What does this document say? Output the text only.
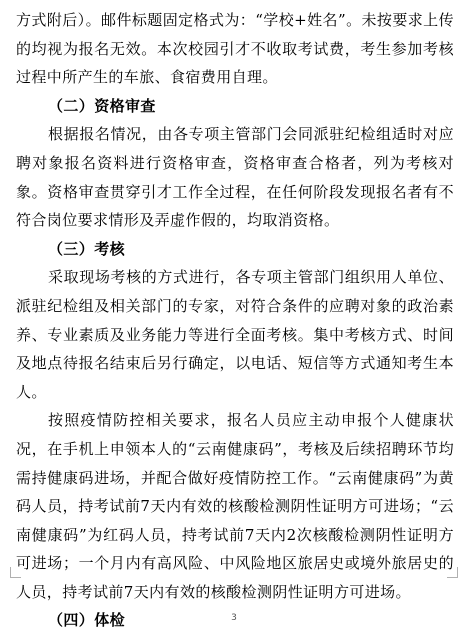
方式附后）。邮件标题固定格式为：“学校+姓名”。未按要求上传的均视为报名无效。本次校园引才不收取考试费，考生参加考核过程中所产生的车旅、食宿费用自理。

（二）资格审查

根据报名情况，由各专项主管部门会同派驻纪检组适时对应聘对象报名资料进行资格审查，资格审查合格者，列为考核对象。资格审查贯穿引才工作全过程，在任何阶段发现报名者有不符合岗位要求情形及弄虚作假的，均取消资格。

（三）考核

采取现场考核的方式进行，各专项主管部门组织用人单位、派驻纪检组及相关部门的专家，对符合条件的应聘对象的政治素养、专业素质及业务能力等进行全面考核。集中考核方式、时间及地点待报名结束后另行确定，以电话、短信等方式通知考生本人。

按照疫情防控相关要求，报名人员应主动申报个人健康状况，在手机上申领本人的“云南健康码”，考核及后续招聘环节均需持健康码进场，并配合做好疫情防控工作。“云南健康码”为黄码人员，持考试前7天内有效的核酸检测阴性证明方可进场；“云南健康码”为红码人员，持考试前7天内2次核酸检测阴性证明方可进场；一个月内有高风险、中风险地区旅居史或境外旅居史的人员，持考试前7天内有效的核酸检测阴性证明方可进场。

（四）体检	3
